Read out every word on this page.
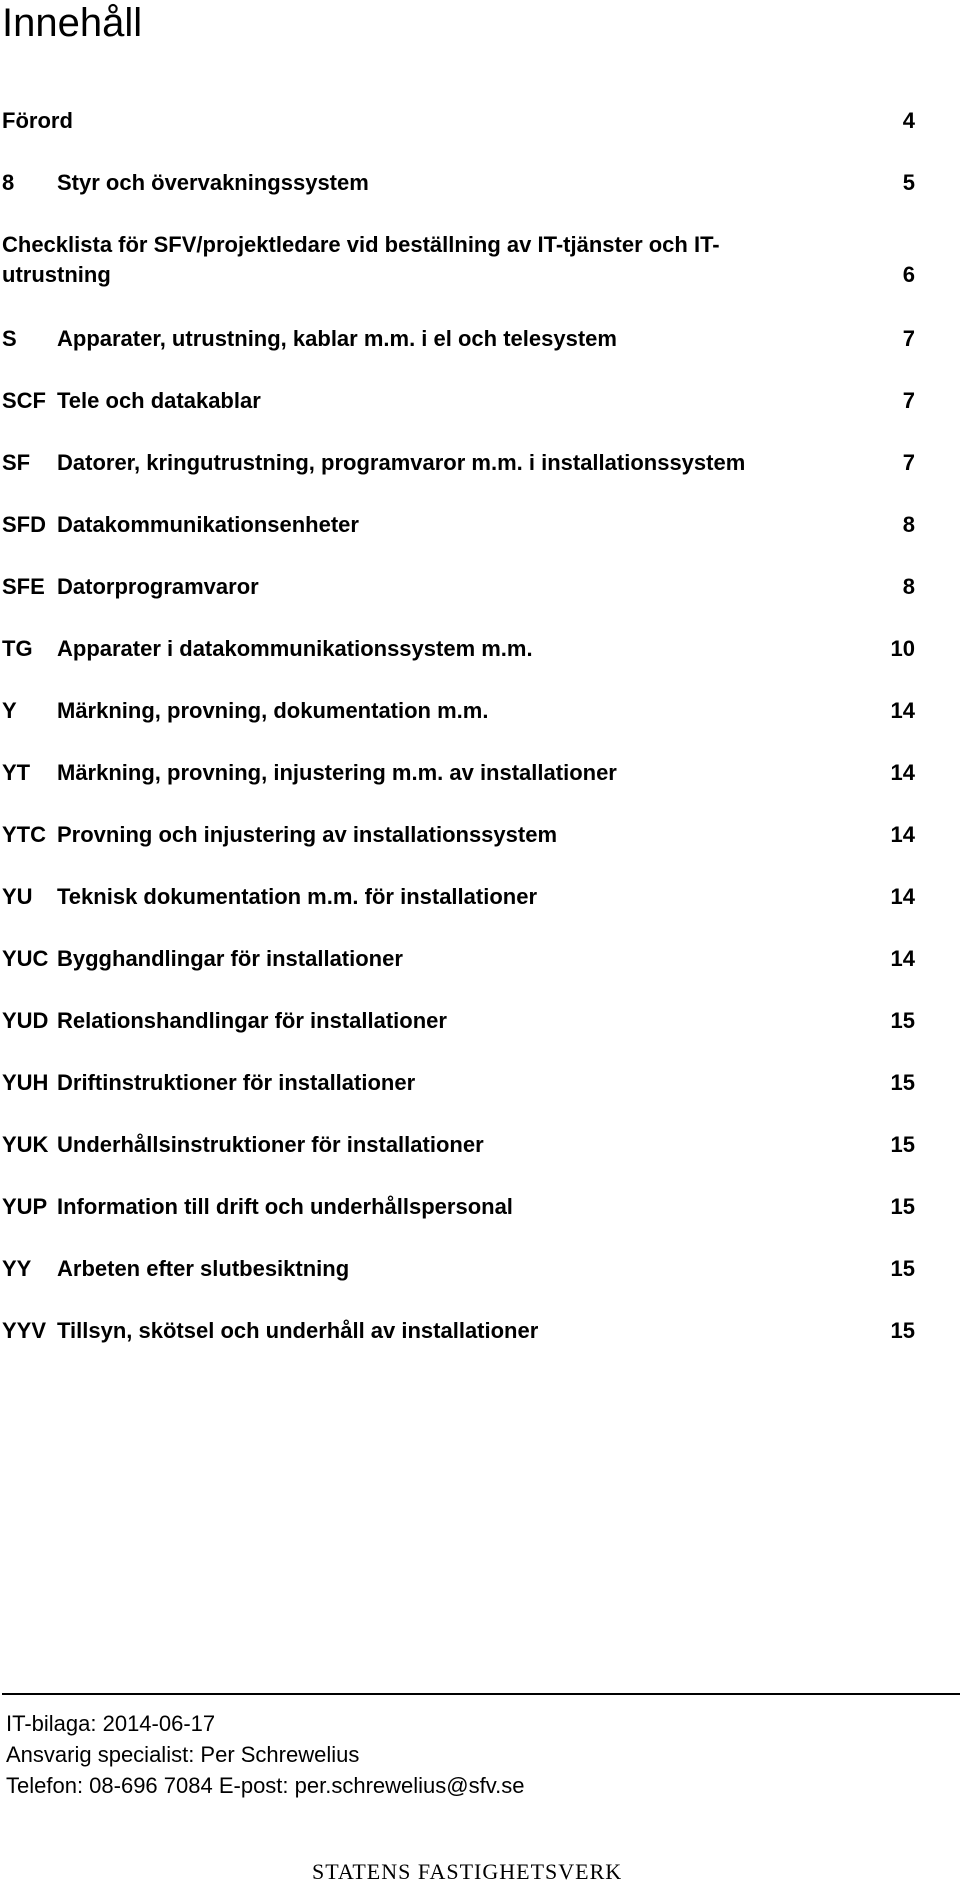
Innehåll
Förord	4
8 Styr och övervakningssystem	5
Checklista för SFV/projektledare vid beställning av IT-tjänster och IT-utrustning	6
S Apparater, utrustning, kablar m.m. i el och telesystem	7
SCF Tele och datakablar	7
SF Datorer, kringutrustning, programvaror m.m. i installationssystem	7
SFD Datakommunikationsenheter	8
SFE Datorprogramvaror	8
TG Apparater i datakommunikationssystem m.m.	10
Y Märkning, provning, dokumentation m.m.	14
YT Märkning, provning, injustering m.m. av installationer	14
YTC Provning och injustering av installationssystem	14
YU Teknisk dokumentation m.m. för installationer	14
YUC Bygghandlingar för installationer	14
YUD Relationshandlingar för installationer	15
YUH Driftinstruktioner för installationer	15
YUK Underhållsinstruktioner för installationer	15
YUP Information till drift och underhållspersonal	15
YY Arbeten efter slutbesiktning	15
YYV Tillsyn, skötsel och underhåll av installationer	15
IT-bilaga: 2014-06-17
Ansvarig specialist: Per Schrewelius
Telefon: 08-696 7084 E-post: per.schrewelius@sfv.se
STATENS FASTIGHETSVERK
